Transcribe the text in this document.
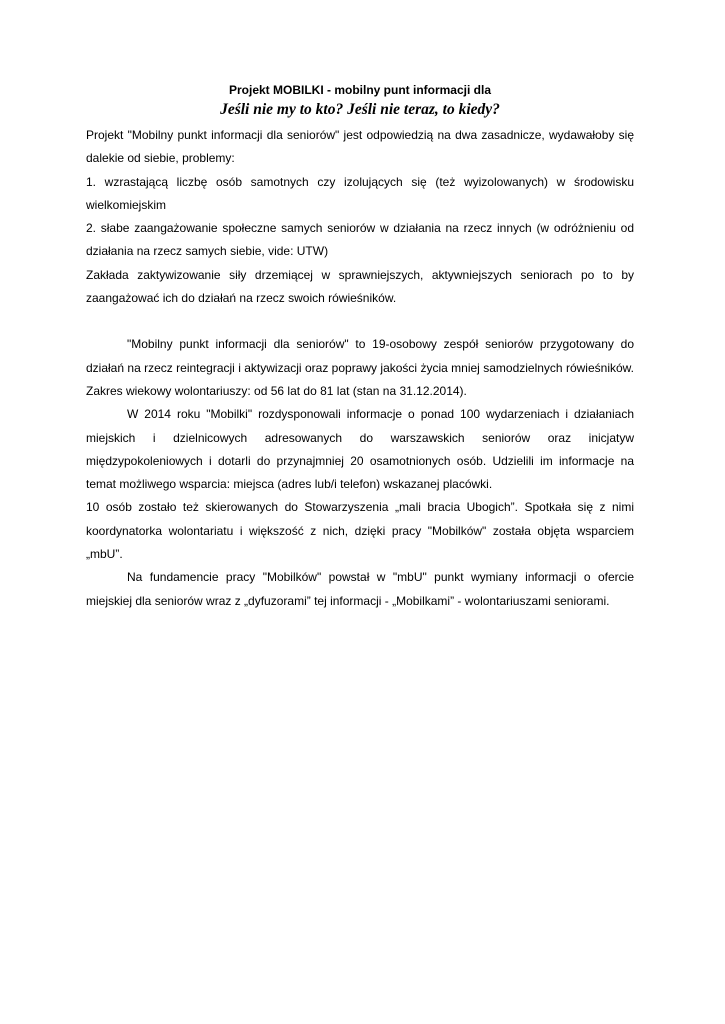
Projekt MOBILKI - mobilny punt informacji dla

Jeśli nie my to kto? Jeśli nie teraz, to kiedy?

Projekt "Mobilny punkt informacji dla seniorów" jest odpowiedzią na dwa zasadnicze, wydawałoby się dalekie od siebie, problemy:

1. wzrastającą liczbę osób samotnych czy izolujących się (też wyizolowanych) w środowisku wielkomiejskim

2. słabe zaangażowanie społeczne samych seniorów w działania na rzecz innych (w odróżnieniu od działania na rzecz samych siebie, vide: UTW)

Zakłada zaktywizowanie siły drzemiącej w sprawniejszych, aktywniejszych seniorach po to by zaangażować ich do działań na rzecz swoich rówieśników.

"Mobilny punkt informacji dla seniorów" to 19-osobowy zespół seniorów przygotowany do działań na rzecz reintegracji i aktywizacji oraz poprawy jakości życia mniej samodzielnych rówieśników. Zakres wiekowy wolontariuszy: od 56 lat do 81 lat (stan na 31.12.2014).

W 2014 roku "Mobilki" rozdysponowali informacje o ponad 100 wydarzeniach i działaniach miejskich i dzielnicowych adresowanych do warszawskich seniorów oraz inicjatyw międzypokoleniowych i dotarli do przynajmniej 20 osamotnionych osób. Udzielili im informacje na temat możliwego wsparcia: miejsca (adres lub/i telefon) wskazanej placówki.

10 osób zostało też skierowanych do Stowarzyszenia „mali bracia Ubogich”. Spotkała się z nimi koordynatorka wolontariatu i większość z nich, dzięki pracy "Mobilków" została objęta wsparciem „mbU”.

Na fundamencie pracy "Mobilków" powstał w "mbU" punkt wymiany informacji o ofercie miejskiej dla seniorów wraz z „dyfuzorami” tej informacji - „Mobilkami” - wolontariuszami seniorami.
